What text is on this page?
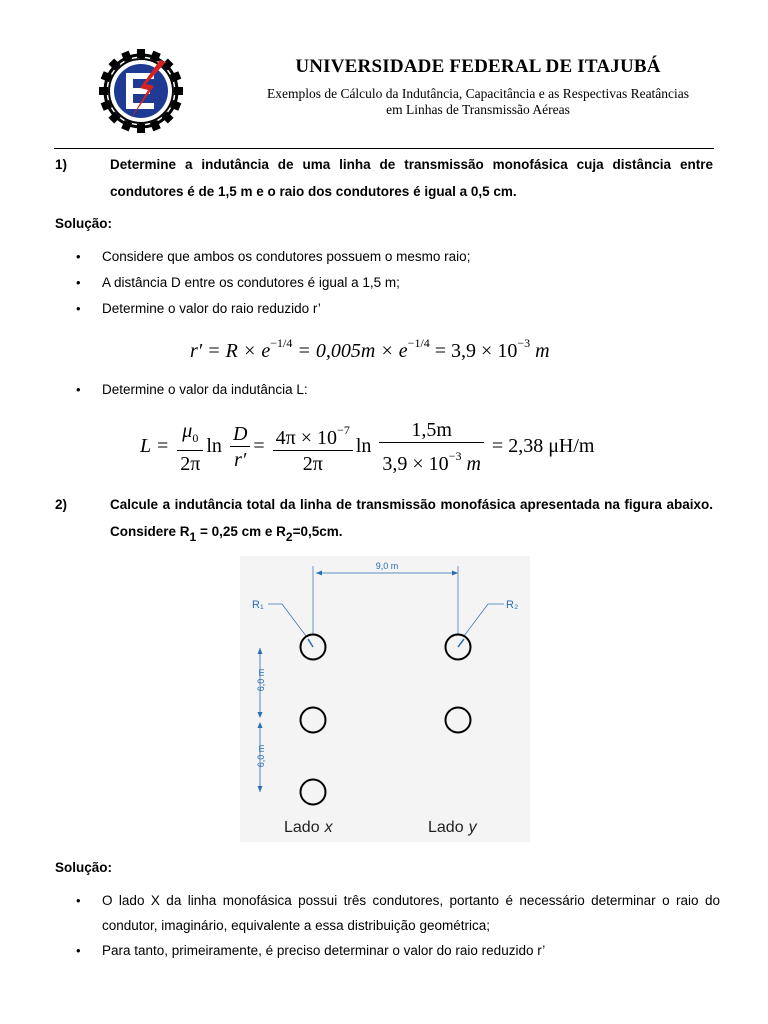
UNIVERSIDADE FEDERAL DE ITAJUBÁ
Exemplos de Cálculo da Indutância, Capacitância e as Respectivas Reatâncias
em Linhas de Transmissão Aéreas
1)	Determine a indutância de uma linha de transmissão monofásica cuja distância entre condutores é de 1,5 m e o raio dos condutores é igual a 0,5 cm.
Solução:
• Considere que ambos os condutores possuem o mesmo raio;
• A distância D entre os condutores é igual a 1,5 m;
• Determine o valor do raio reduzido r’
$r' = R \times e^{-1/4} = 0,005m \times e^{-1/4} = 3,9 \times 10^{-3}$ m
• Determine o valor da indutância L:
$L = \frac{\mu_0}{2\pi}$ $\ln \frac{D}{r'} = \frac{4\pi \times 10^{-7}}{2\pi}$ $\ln \frac{1,5m}{3,9 \times 10^{-3} m} = 2,38$ μH/m
2)	Calcule a indutância total da linha de transmissão monofásica apresentada na figura abaixo. Considere R1 = 0,25 cm e R2=0,5cm.
9,0 m
R₁	R₂
6,0 m
6,0 m
Lado x	Lado y
Solução:
• O lado X da linha monofásica possui três condutores, portanto é necessário determinar o raio do condutor, imaginário, equivalente a essa distribuição geométrica;
• Para tanto, primeiramente, é preciso determinar o valor do raio reduzido r’
